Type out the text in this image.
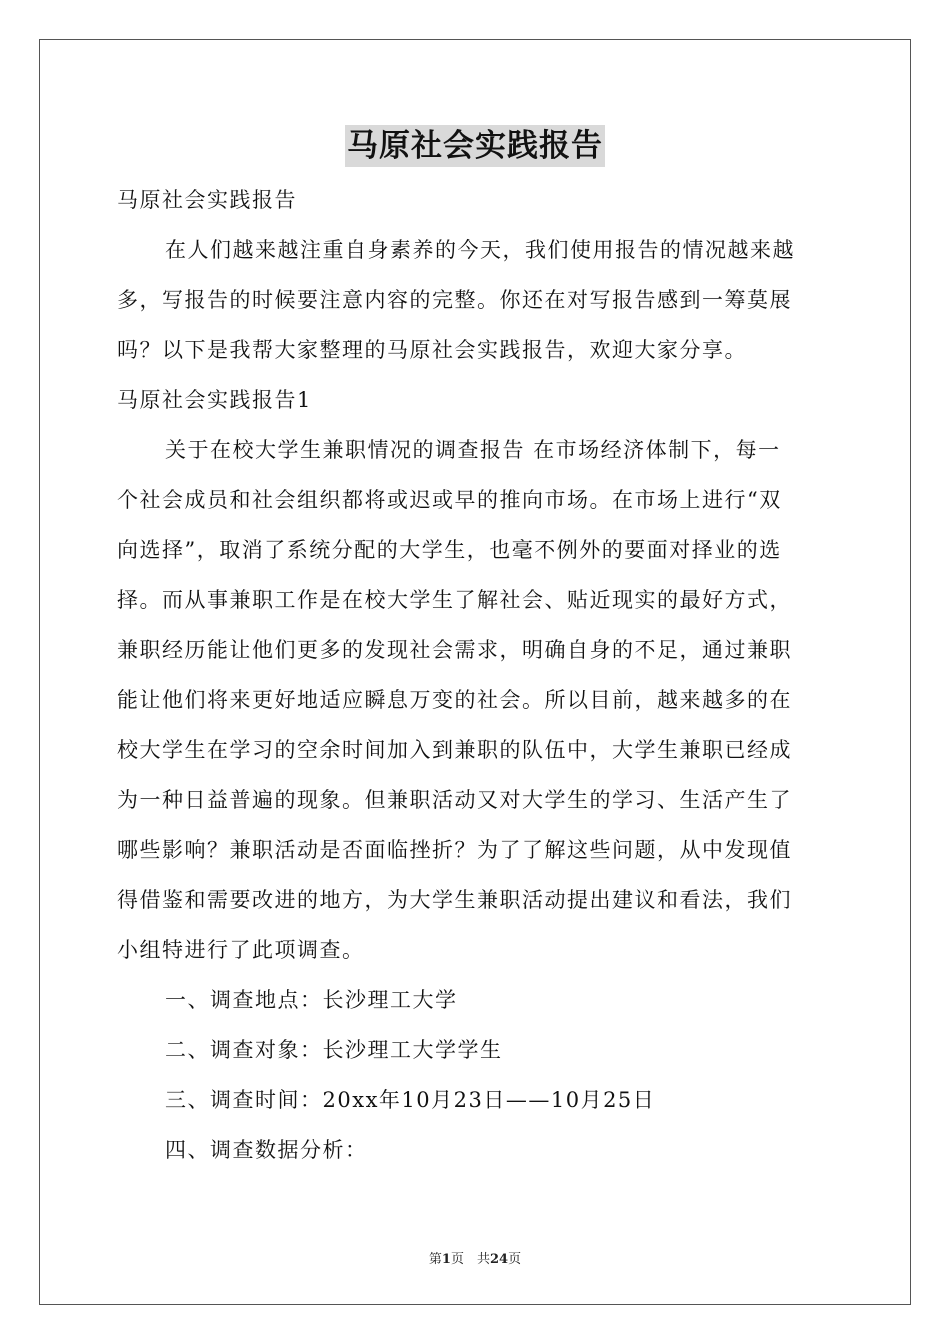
马原社会实践报告
马原社会实践报告
在人们越来越注重自身素养的今天，我们使用报告的情况越来越
多，写报告的时候要注意内容的完整。你还在对写报告感到一筹莫展
吗？以下是我帮大家整理的马原社会实践报告，欢迎大家分享。
马原社会实践报告1
关于在校大学生兼职情况的调查报告 在市场经济体制下，每一
个社会成员和社会组织都将或迟或早的推向市场。在市场上进行“双
向选择”，取消了系统分配的大学生，也毫不例外的要面对择业的选
择。而从事兼职工作是在校大学生了解社会、贴近现实的最好方式，
兼职经历能让他们更多的发现社会需求，明确自身的不足，通过兼职
能让他们将来更好地适应瞬息万变的社会。所以目前，越来越多的在
校大学生在学习的空余时间加入到兼职的队伍中，大学生兼职已经成
为一种日益普遍的现象。但兼职活动又对大学生的学习、生活产生了
哪些影响？兼职活动是否面临挫折？为了了解这些问题，从中发现值
得借鉴和需要改进的地方，为大学生兼职活动提出建议和看法，我们
小组特进行了此项调查。
一、调查地点：长沙理工大学
二、调查对象：长沙理工大学学生
三、调查时间：20xx年10月23日——10月25日
四、调查数据分析：
第1页　共24页
